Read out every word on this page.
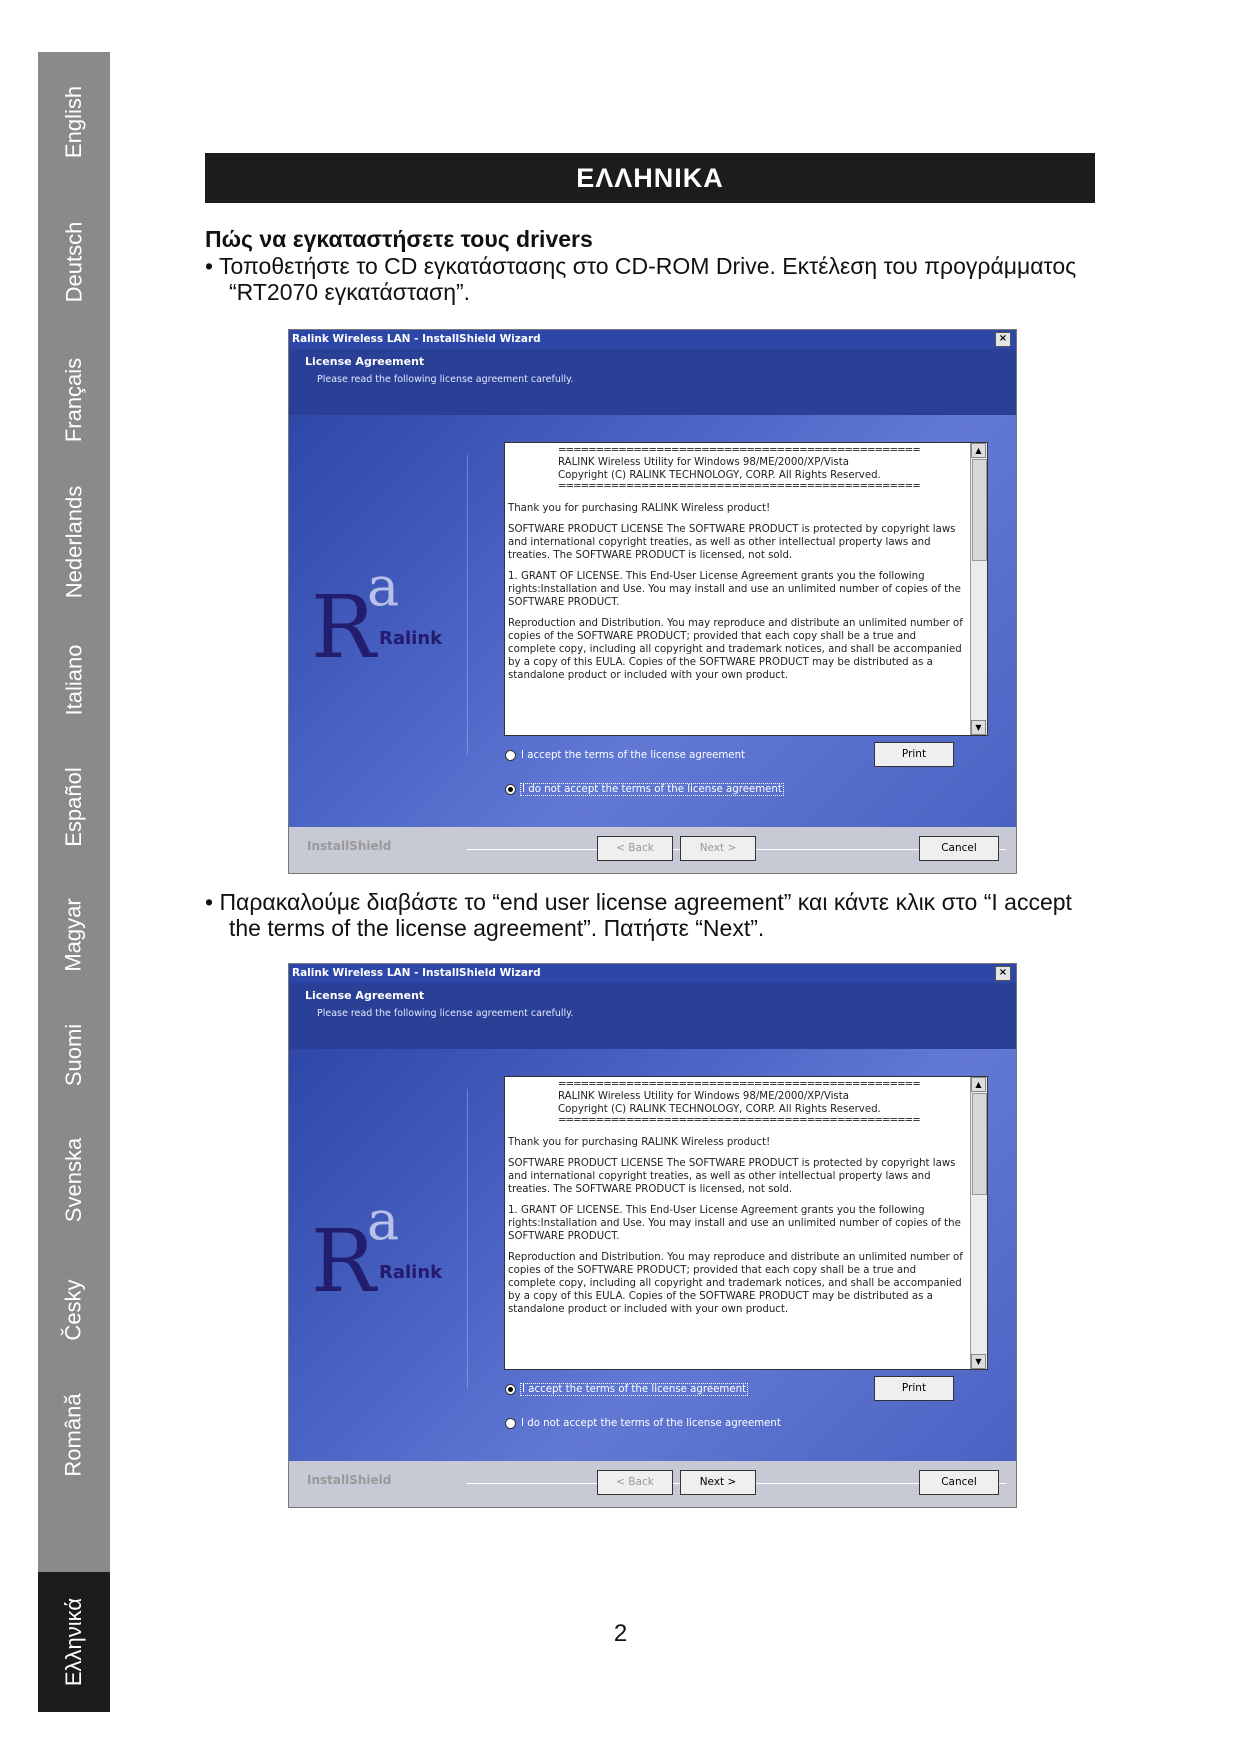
English
Deutsch
Français
Nederlands
Italiano
Español
Magyar
Suomi
Svenska
Česky
Română
Ελληνικά
ΕΛΛΗΝΙΚΑ
Πώς να εγκαταστήσετε τους drivers
• Τοποθετήστε το CD εγκατάστασης στο CD-ROM Drive. Εκτέλεση του προγράμματος
“RT2070 εγκατάσταση”.
Ralink Wireless LAN - InstallShield Wizard	×
License Agreement
Please read the following license agreement carefully.
a
R Ralink
================================================
RALINK Wireless Utility for Windows 98/ME/2000/XP/Vista
Copyright (C) RALINK TECHNOLOGY, CORP. All Rights Reserved.
================================================

Thank you for purchasing RALINK Wireless product!

SOFTWARE PRODUCT LICENSE The SOFTWARE PRODUCT is protected by copyright laws and international copyright treaties, as well as other intellectual property laws and treaties. The SOFTWARE PRODUCT is licensed, not sold.

1. GRANT OF LICENSE. This End-User License Agreement grants you the following rights:Installation and Use. You may install and use an unlimited number of copies of the SOFTWARE PRODUCT.

Reproduction and Distribution. You may reproduce and distribute an unlimited number of copies of the SOFTWARE PRODUCT; provided that each copy shall be a true and complete copy, including all copyright and trademark notices, and shall be accompanied by a copy of this EULA. Copies of the SOFTWARE PRODUCT may be distributed as a standalone product or included with your own product.

▲
▼
I accept the terms of the license agreement	Print
I do not accept the terms of the license agreement
InstallShield	< Back	Next >	Cancel
• Παρακαλούμε διαβάστε το “end user license agreement” και κάντε κλικ στο “I accept
the terms of the license agreement”. Πατήστε “Next”.
Ralink Wireless LAN - InstallShield Wizard	×
License Agreement
Please read the following license agreement carefully.
a
R Ralink
================================================
RALINK Wireless Utility for Windows 98/ME/2000/XP/Vista
Copyright (C) RALINK TECHNOLOGY, CORP. All Rights Reserved.
================================================

Thank you for purchasing RALINK Wireless product!

SOFTWARE PRODUCT LICENSE The SOFTWARE PRODUCT is protected by copyright laws and international copyright treaties, as well as other intellectual property laws and treaties. The SOFTWARE PRODUCT is licensed, not sold.

1. GRANT OF LICENSE. This End-User License Agreement grants you the following rights:Installation and Use. You may install and use an unlimited number of copies of the SOFTWARE PRODUCT.

Reproduction and Distribution. You may reproduce and distribute an unlimited number of copies of the SOFTWARE PRODUCT; provided that each copy shall be a true and complete copy, including all copyright and trademark notices, and shall be accompanied by a copy of this EULA. Copies of the SOFTWARE PRODUCT may be distributed as a standalone product or included with your own product.

▲
▼
I accept the terms of the license agreement	Print
I do not accept the terms of the license agreement
InstallShield	< Back	Next >	Cancel
2
